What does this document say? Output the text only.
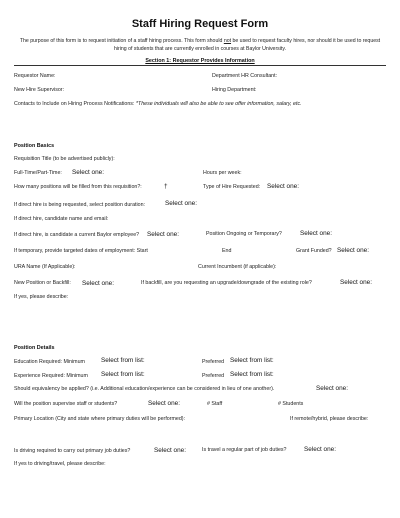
Staff Hiring Request Form
The purpose of this form is to request initiation of a staff hiring process. This form should not be used to request faculty hires, nor should it be used to request hiring of students that are currently enrolled in courses at Baylor University.
Section 1: Requestor Provides Information
Requestor Name:	Department HR Consultant:
New Hire Supervisor:	Hiring Department:
Contacts to Include on Hiring Process Notifications: *These individuals will also be able to see offer information, salary, etc.
Position Basics
Requisition Title (to be advertised publicly):
Full-Time/Part-Time: Select one:	Hours per week:
How many positions will be filled from this requisition?:	†	Type of Hire Requested: Select one:
If direct hire is being requested, select position duration:	Select one:
If direct hire, candidate name and email:
If direct hire, is candidate a current Baylor employee? Select one:	Position Ongoing or Temporary?	Select one:
If temporary, provide targeted dates of employment: Start	End	Grant Funded? Select one:
URA Name (If Applicable):	Current Incumbent (if applicable):
New Position or Backfill: Select one:	If backfill, are you requesting an upgrade/downgrade of the existing role?	Select one:
If yes, please describe:
Position Details
Education Required: Minimum	Select from list:	Preferred Select from list:
Experience Required: Minimum Select from list:	Preferred Select from list:
Should equivalency be applied? (i.e. Additional education/experience can be considered in lieu of one another).	Select one:
Will the position supervise staff or students?	Select one:	# Staff	# Students
Primary Location (City and state where primary duties will be performed):	If remote/hybrid, please describe:
Is driving required to carry out primary job duties?	Select one:	Is travel a regular part of job duties?	Select one:
If yes to driving/travel, please describe:
